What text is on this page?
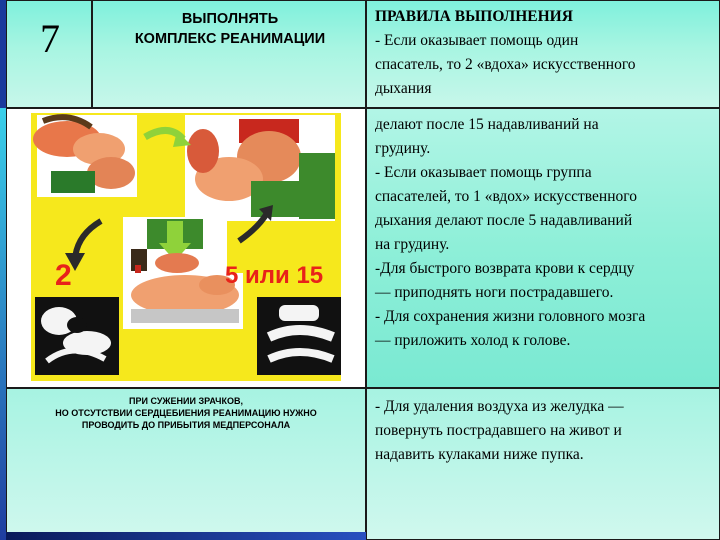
7	ВЫПОЛНЯТЬ
КОМПЛЕКС РЕАНИМАЦИИ
ПРАВИЛА ВЫПОЛНЕНИЯ
- Если оказывает помощь один
спасатель, то 2 «вдоха» искусственного
дыхания
делают после 15 надавливаний на
грудину.
- Если оказывает помощь группа
спасателей, то 1 «вдох» искусственного
дыхания делают после 5 надавливаний
на грудину.
-Для быстрого возврата крови к сердцу
— приподнять ноги пострадавшего.
- Для сохранения жизни головного мозга
— приложить холод к голове.
- Для удаления воздуха из желудка —
повернуть пострадавшего на живот и
надавить кулаками ниже пупка.
2	5 или 15
ПРИ СУЖЕНИИ ЗРАЧКОВ,
НО ОТСУТСТВИИ СЕРДЦЕБИЕНИЯ РЕАНИМАЦИЮ НУЖНО
ПРОВОДИТЬ ДО ПРИБЫТИЯ МЕДПЕРСОНАЛА
